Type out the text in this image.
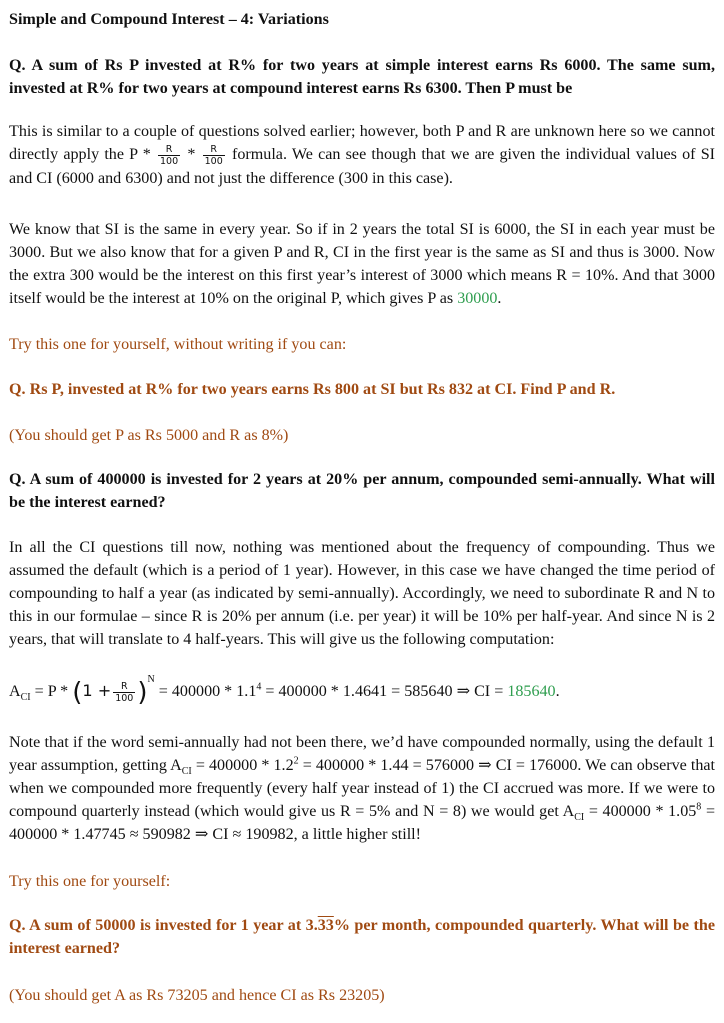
Simple and Compound Interest – 4: Variations

Q. A sum of Rs P invested at R% for two years at simple interest earns Rs 6000. The same sum, invested at R% for two years at compound interest earns Rs 6300. Then P must be

This is similar to a couple of questions solved earlier; however, both P and R are unknown here so we cannot directly apply the P * $\frac{R}{100} * \frac{R}{100}$ formula. We can see though that we are given the individual values of SI and CI (6000 and 6300) and not just the difference (300 in this case).

We know that SI is the same in every year. So if in 2 years the total SI is 6000, the SI in each year must be 3000. But we also know that for a given P and R, CI in the first year is the same as SI and thus is 3000. Now the extra 300 would be the interest on this first year’s interest of 3000 which means R = 10%. And that 3000 itself would be the interest at 10% on the original P, which gives P as 30000.

Try this one for yourself, without writing if you can:

Q. Rs P, invested at R% for two years earns Rs 800 at SI but Rs 832 at CI. Find P and R.

(You should get P as Rs 5000 and R as 8%)

Q. A sum of 400000 is invested for 2 years at 20% per annum, compounded semi-annually. What will be the interest earned?

In all the CI questions till now, nothing was mentioned about the frequency of compounding. Thus we assumed the default (which is a period of 1 year). However, in this case we have changed the time period of compounding to half a year (as indicated by semi-annually). Accordingly, we need to subordinate R and N to this in our formulae – since R is 20% per annum (i.e. per year) it will be 10% per half-year. And since N is 2 years, that will translate to 4 half-years. This will give us the following computation:

$A_{CI} = P * (1 + \frac{R}{100} )^N = 400000 * 1.1^4 = 400000 * 1.4641 = 585640$ ⇒ CI = 185640.

Note that if the word semi-annually had not been there, we’d have compounded normally, using the default 1 year assumption, getting $A_{CI} = 400000 * 1.2^2 = 400000 * 1.44 = 576000$ ⇒ CI = 176000. We can observe that when we compounded more frequently (every half year instead of 1) the CI accrued was more. If we were to compound quarterly instead (which would give us R = 5% and N = 8) we would get $A_{CI} = 400000 * 1.05^8 = 400000 * 1.47745 \approx 590982$ ⇒ CI ≈ 190982, a little higher still!

Try this one for yourself:

Q. A sum of 50000 is invested for 1 year at 3.33% per month, compounded quarterly. What will be the interest earned?

(You should get A as Rs 73205 and hence CI as Rs 23205)
